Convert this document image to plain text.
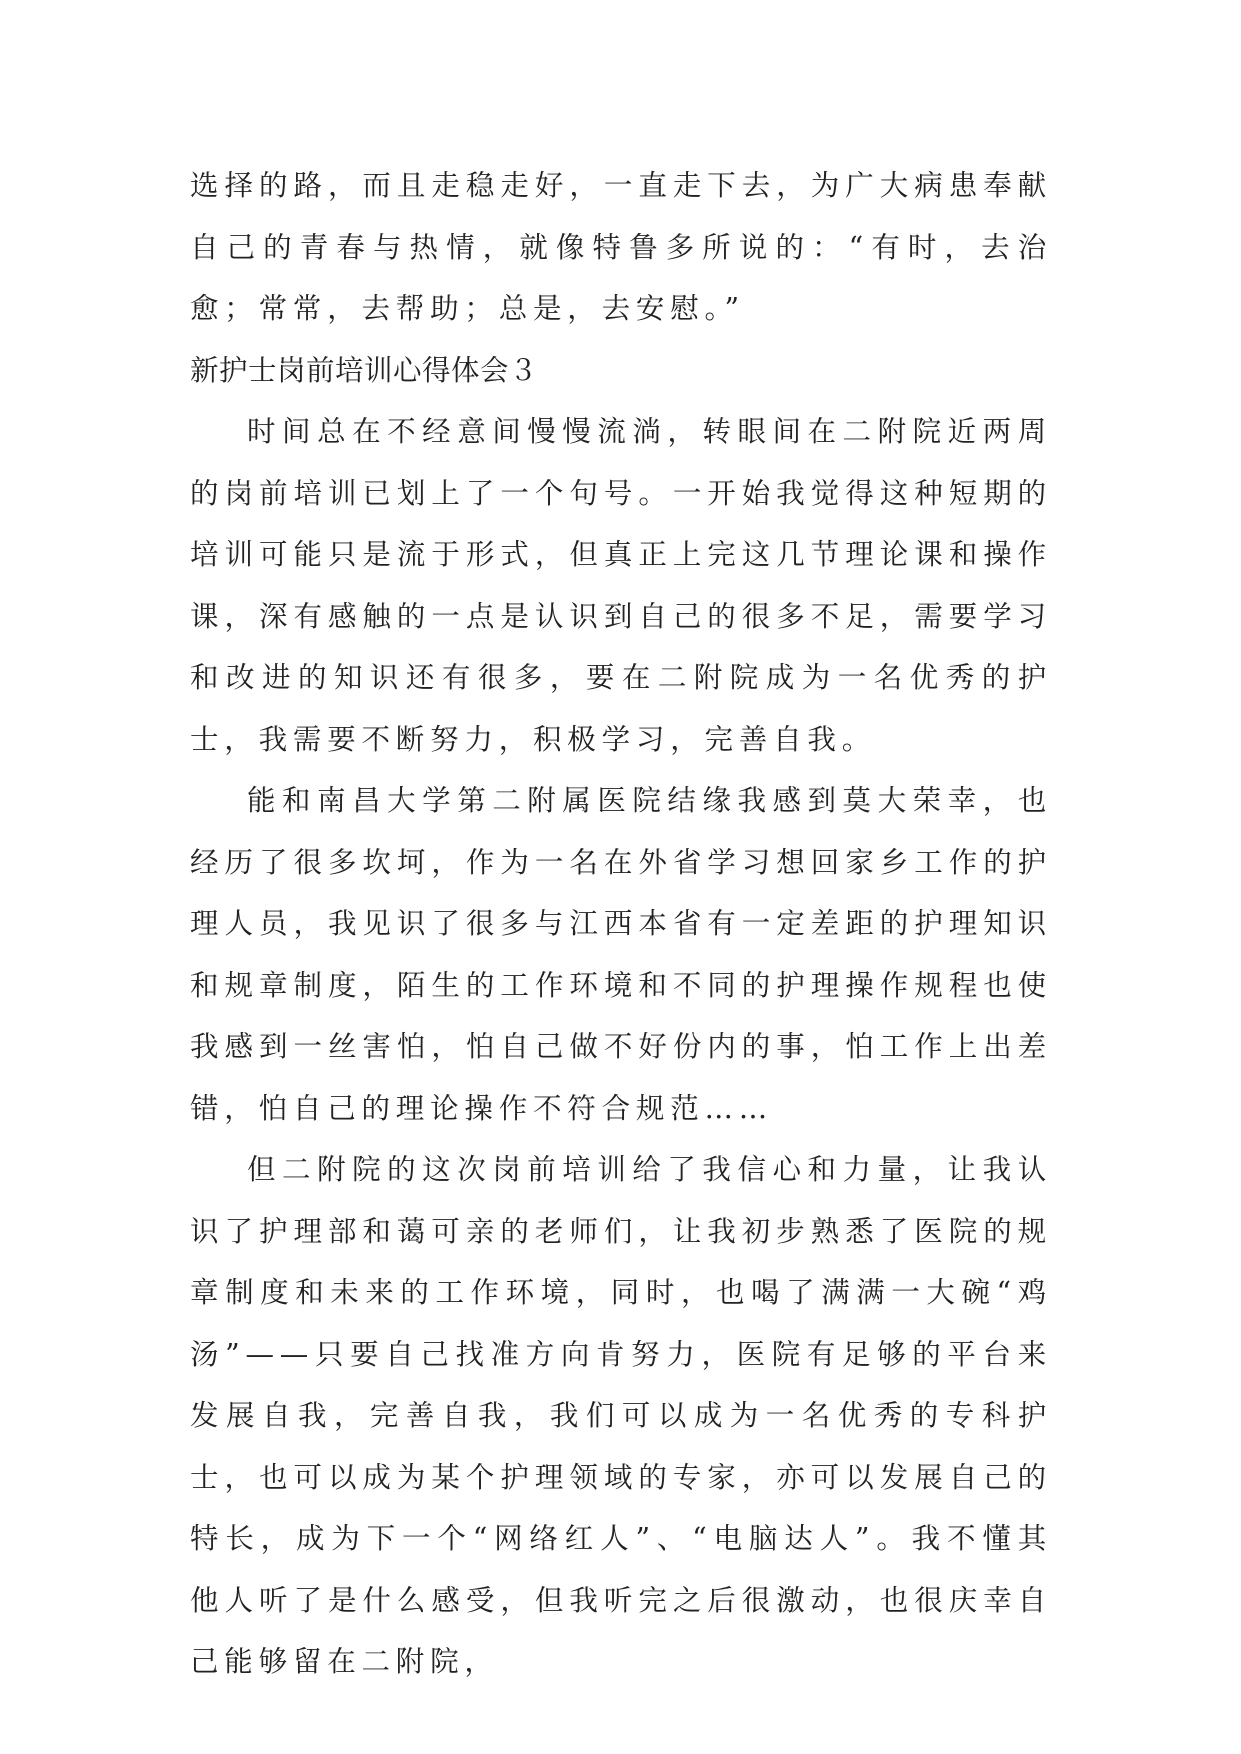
选择的路，而且走稳走好，一直走下去，为广大病患奉献自己的青春与热情，就像特鲁多所说的：“有时，去治愈；常常，去帮助；总是，去安慰。”

新护士岗前培训心得体会３

时间总在不经意间慢慢流淌，转眼间在二附院近两周的岗前培训已划上了一个句号。一开始我觉得这种短期的培训可能只是流于形式，但真正上完这几节理论课和操作课，深有感触的一点是认识到自己的很多不足，需要学习和改进的知识还有很多，要在二附院成为一名优秀的护士，我需要不断努力，积极学习，完善自我。

能和南昌大学第二附属医院结缘我感到莫大荣幸，也经历了很多坎坷，作为一名在外省学习想回家乡工作的护理人员，我见识了很多与江西本省有一定差距的护理知识和规章制度，陌生的工作环境和不同的护理操作规程也使我感到一丝害怕，怕自己做不好份内的事，怕工作上出差错，怕自己的理论操作不符合规范……

但二附院的这次岗前培训给了我信心和力量，让我认识了护理部和蔼可亲的老师们，让我初步熟悉了医院的规章制度和未来的工作环境，同时，也喝了满满一大碗“鸡汤”——只要自己找准方向肯努力，医院有足够的平台来发展自我，完善自我，我们可以成为一名优秀的专科护士，也可以成为某个护理领域的专家，亦可以发展自己的特长，成为下一个“网络红人”、“电脑达人”。我不懂其他人听了是什么感受，但我听完之后很激动，也很庆幸自己能够留在二附院，
